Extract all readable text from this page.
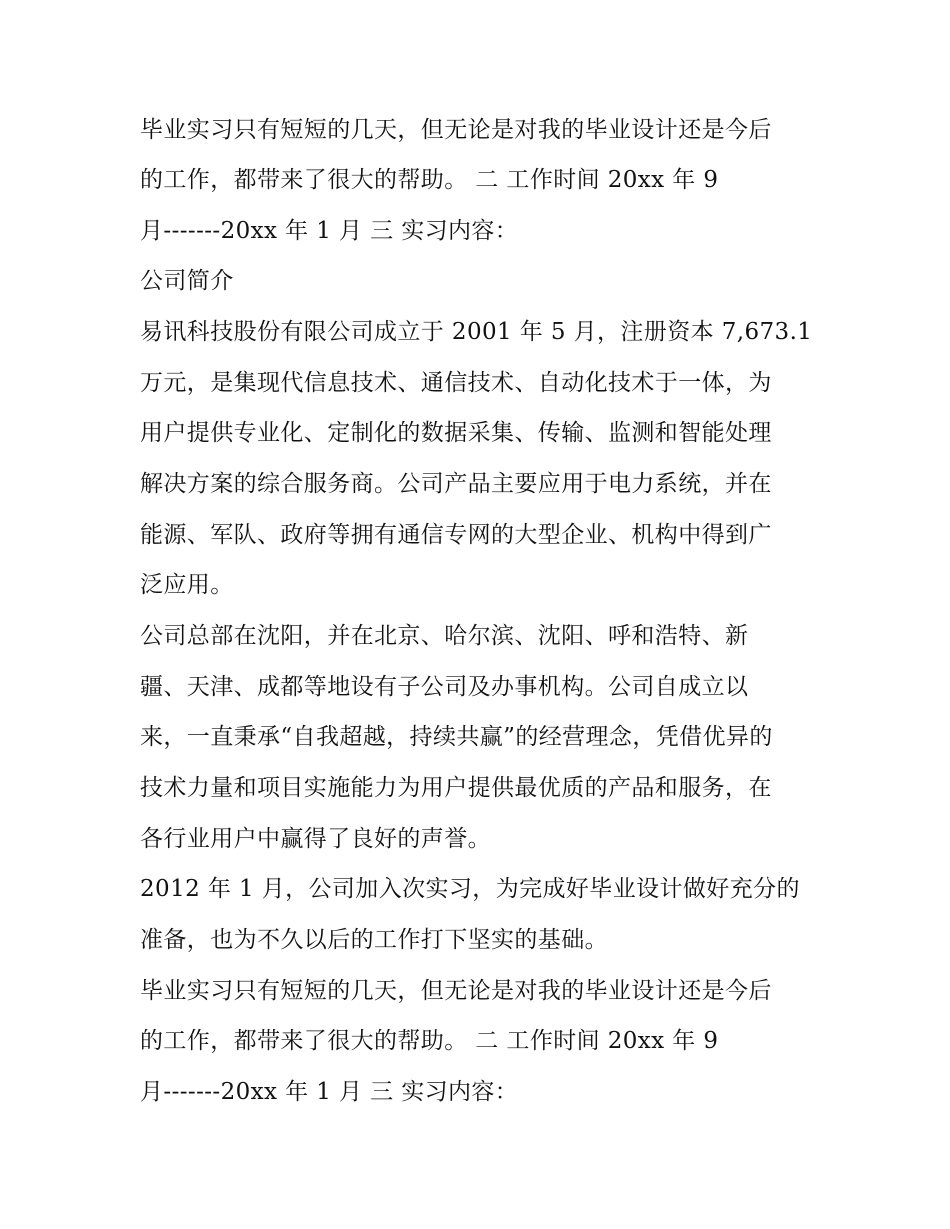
毕业实习只有短短的几天，但无论是对我的毕业设计还是今后
的工作，都带来了很大的帮助。 二 工作时间 20xx 年 9
月-------20xx 年 1 月 三 实习内容：
公司简介
易讯科技股份有限公司成立于 2001 年 5 月，注册资本 7,673.1
万元，是集现代信息技术、通信技术、自动化技术于一体，为
用户提供专业化、定制化的数据采集、传输、监测和智能处理
解决方案的综合服务商。公司产品主要应用于电力系统，并在
能源、军队、政府等拥有通信专网的大型企业、机构中得到广
泛应用。
公司总部在沈阳，并在北京、哈尔滨、沈阳、呼和浩特、新
疆、天津、成都等地设有子公司及办事机构。公司自成立以
来，一直秉承“自我超越，持续共赢”的经营理念，凭借优异的
技术力量和项目实施能力为用户提供最优质的产品和服务，在
各行业用户中赢得了良好的声誉。
2012 年 1 月，公司加入次实习，为完成好毕业设计做好充分的
准备，也为不久以后的工作打下坚实的基础。
毕业实习只有短短的几天，但无论是对我的毕业设计还是今后
的工作，都带来了很大的帮助。 二 工作时间 20xx 年 9
月-------20xx 年 1 月 三 实习内容：
